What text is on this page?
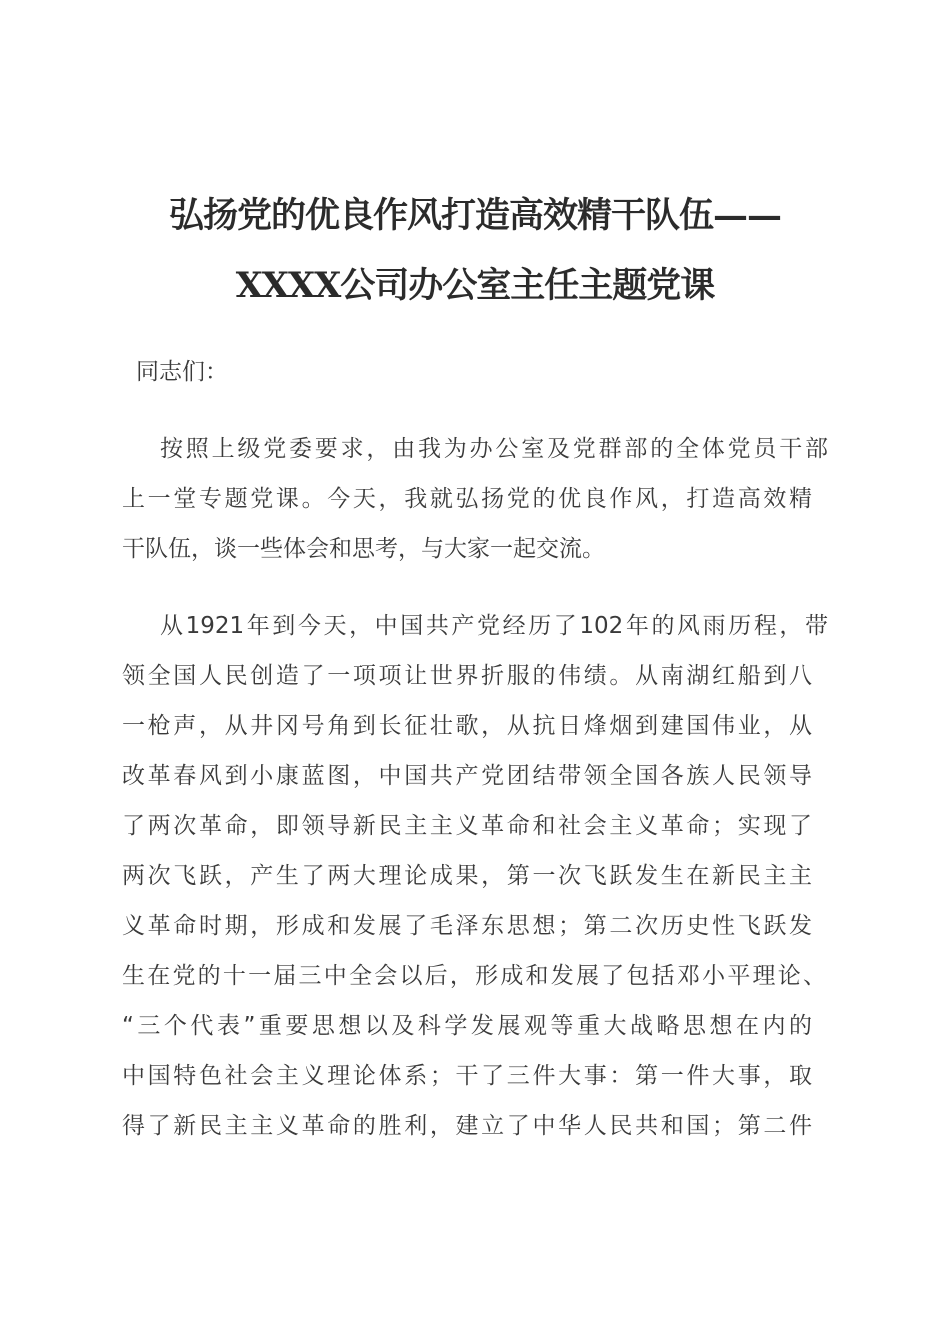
弘扬党的优良作风打造高效精干队伍——
XXXX公司办公室主任主题党课
同志们：
按照上级党委要求，由我为办公室及党群部的全体党员干部
上一堂专题党课。今天，我就弘扬党的优良作风，打造高效精
干队伍，谈一些体会和思考，与大家一起交流。
从1921年到今天，中国共产党经历了102年的风雨历程，带
领全国人民创造了一项项让世界折服的伟绩。从南湖红船到八
一枪声，从井冈号角到长征壮歌，从抗日烽烟到建国伟业，从
改革春风到小康蓝图，中国共产党团结带领全国各族人民领导
了两次革命，即领导新民主主义革命和社会主义革命；实现了
两次飞跃，产生了两大理论成果，第一次飞跃发生在新民主主
义革命时期，形成和发展了毛泽东思想；第二次历史性飞跃发
生在党的十一届三中全会以后，形成和发展了包括邓小平理论、
“三个代表”重要思想以及科学发展观等重大战略思想在内的
中国特色社会主义理论体系；干了三件大事：第一件大事，取
得了新民主主义革命的胜利，建立了中华人民共和国；第二件
